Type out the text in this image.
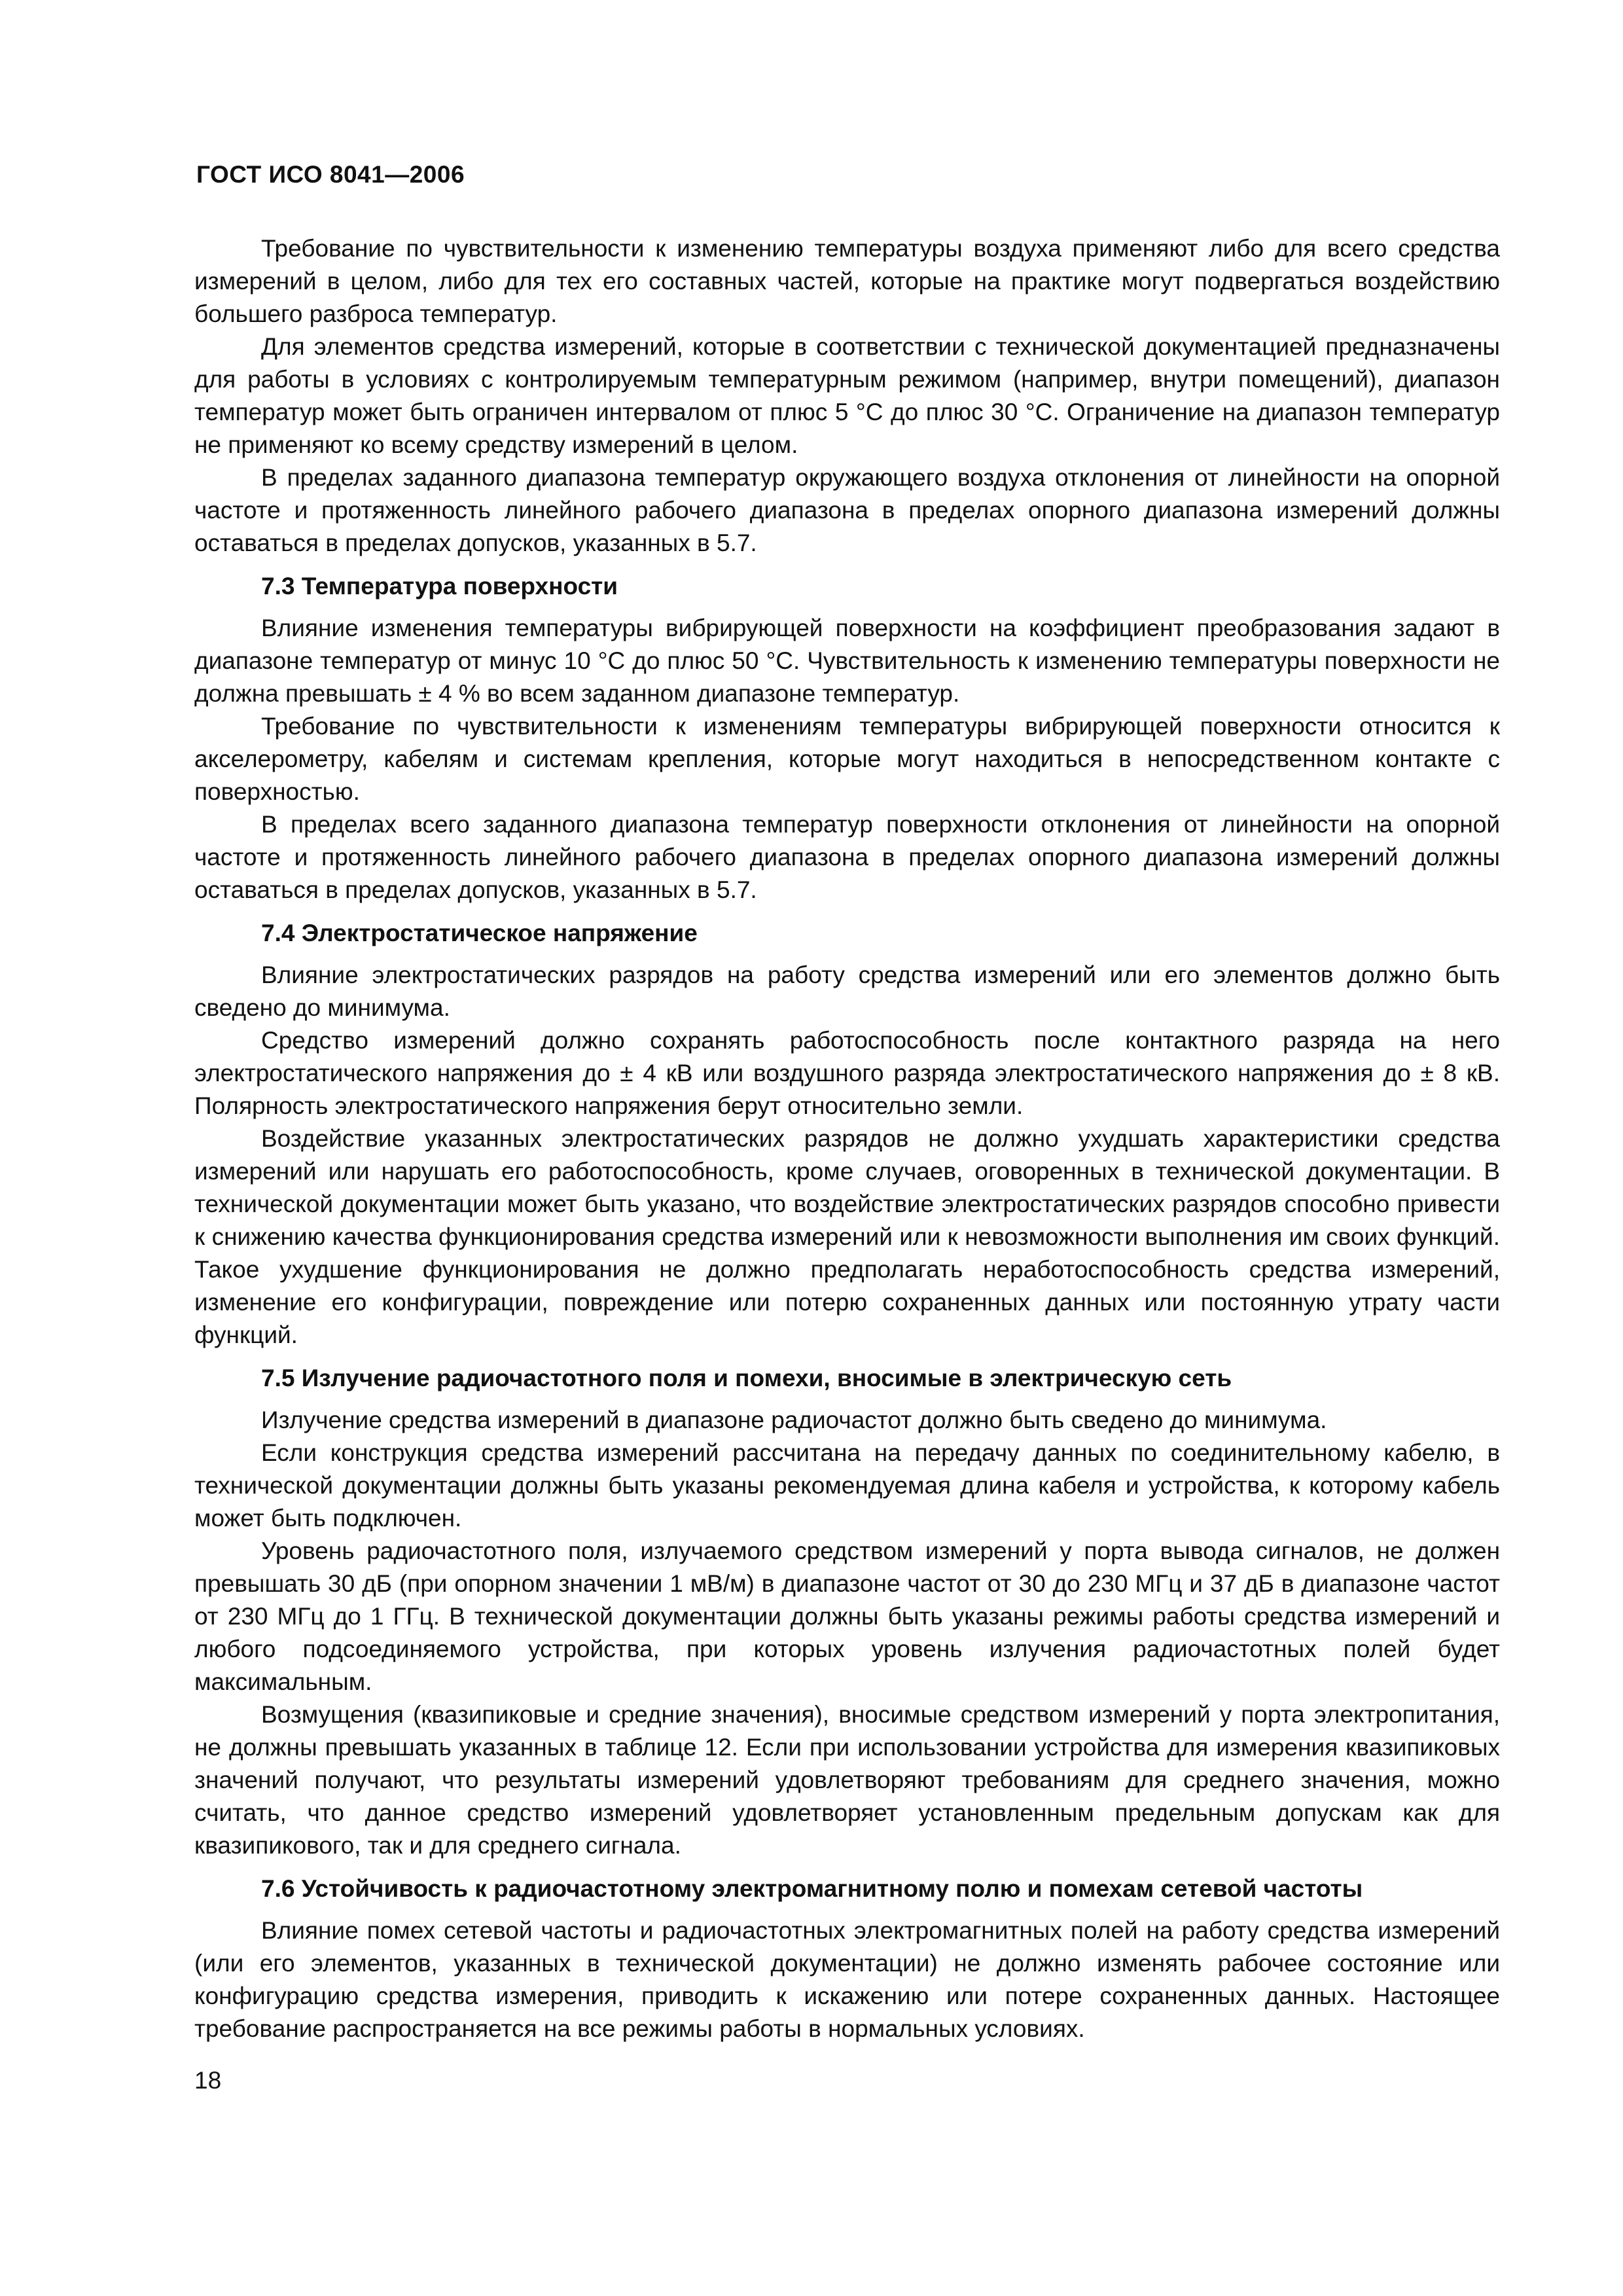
ГОСТ ИСО 8041—2006

Требование по чувствительности к изменению температуры воздуха применяют либо для всего средства измерений в целом, либо для тех его составных частей, которые на практике могут подвергаться воздействию большего разброса температур.

Для элементов средства измерений, которые в соответствии с технической документацией предназначены для работы в условиях с контролируемым температурным режимом (например, внутри помещений), диапазон температур может быть ограничен интервалом от плюс 5 °С до плюс 30 °С. Ограничение на диапазон температур не применяют ко всему средству измерений в целом.

В пределах заданного диапазона температур окружающего воздуха отклонения от линейности на опорной частоте и протяженность линейного рабочего диапазона в пределах опорного диапазона измерений должны оставаться в пределах допусков, указанных в 5.7.

7.3 Температура поверхности

Влияние изменения температуры вибрирующей поверхности на коэффициент преобразования задают в диапазоне температур от минус 10 °С до плюс 50 °С. Чувствительность к изменению температуры поверхности не должна превышать ± 4 % во всем заданном диапазоне температур.

Требование по чувствительности к изменениям температуры вибрирующей поверхности относится к акселерометру, кабелям и системам крепления, которые могут находиться в непосредственном контакте с поверхностью.

В пределах всего заданного диапазона температур поверхности отклонения от линейности на опорной частоте и протяженность линейного рабочего диапазона в пределах опорного диапазона измерений должны оставаться в пределах допусков, указанных в 5.7.

7.4 Электростатическое напряжение

Влияние электростатических разрядов на работу средства измерений или его элементов должно быть сведено до минимума.

Средство измерений должно сохранять работоспособность после контактного разряда на него электростатического напряжения до ± 4 кВ или воздушного разряда электростатического напряжения до ± 8 кВ. Полярность электростатического напряжения берут относительно земли.

Воздействие указанных электростатических разрядов не должно ухудшать характеристики средства измерений или нарушать его работоспособность, кроме случаев, оговоренных в технической документации. В технической документации может быть указано, что воздействие электростатических разрядов способно привести к снижению качества функционирования средства измерений или к невозможности выполнения им своих функций. Такое ухудшение функционирования не должно предполагать неработоспособность средства измерений, изменение его конфигурации, повреждение или потерю сохраненных данных или постоянную утрату части функций.

7.5 Излучение радиочастотного поля и помехи, вносимые в электрическую сеть

Излучение средства измерений в диапазоне радиочастот должно быть сведено до минимума.

Если конструкция средства измерений рассчитана на передачу данных по соединительному кабелю, в технической документации должны быть указаны рекомендуемая длина кабеля и устройства, к которому кабель может быть подключен.

Уровень радиочастотного поля, излучаемого средством измерений у порта вывода сигналов, не должен превышать 30 дБ (при опорном значении 1 мВ/м) в диапазоне частот от 30 до 230 МГц и 37 дБ в диапазоне частот от 230 МГц до 1 ГГц. В технической документации должны быть указаны режимы работы средства измерений и любого подсоединяемого устройства, при которых уровень излучения радиочастотных полей будет максимальным.

Возмущения (квазипиковые и средние значения), вносимые средством измерений у порта электропитания, не должны превышать указанных в таблице 12. Если при использовании устройства для измерения квазипиковых значений получают, что результаты измерений удовлетворяют требованиям для среднего значения, можно считать, что данное средство измерений удовлетворяет установленным предельным допускам как для квазипикового, так и для среднего сигнала.

7.6 Устойчивость к радиочастотному электромагнитному полю и помехам сетевой частоты

Влияние помех сетевой частоты и радиочастотных электромагнитных полей на работу средства измерений (или его элементов, указанных в технической документации) не должно изменять рабочее состояние или конфигурацию средства измерения, приводить к искажению или потере сохраненных данных. Настоящее требование распространяется на все режимы работы в нормальных условиях.

18
